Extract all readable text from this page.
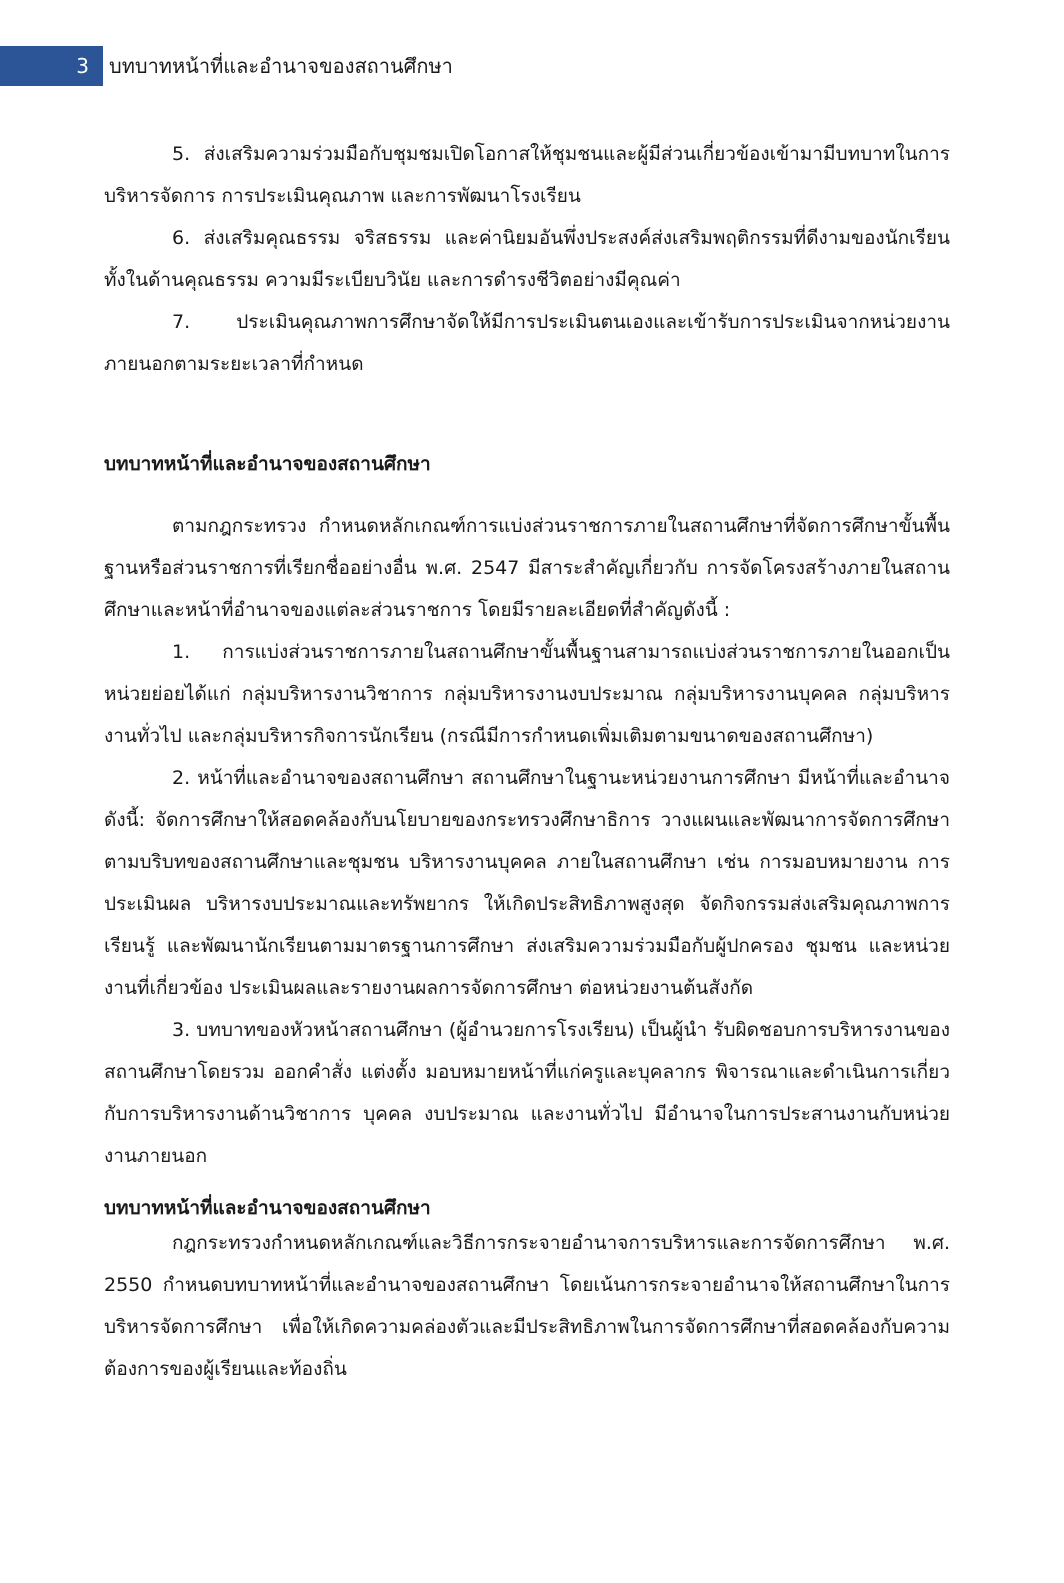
3	บทบาทหน้าที่และอำนาจของสถานศึกษา

5. ส่งเสริมความร่วมมือกับชุมชมเปิดโอกาสให้ชุมชนและผู้มีส่วนเกี่ยวข้องเข้ามามีบทบาทในการบริหารจัดการ การประเมินคุณภาพ และการพัฒนาโรงเรียน

6. ส่งเสริมคุณธรรม จริสธรรม และค่านิยมอันพึ่งประสงค์ส่งเสริมพฤติกรรมที่ดีงามของนักเรียน ทั้งในด้านคุณธรรม ความมีระเบียบวินัย และการดำรงชีวิตอย่างมีคุณค่า

7. ประเมินคุณภาพการศึกษาจัดให้มีการประเมินตนเองและเข้ารับการประเมินจากหน่วยงานภายนอกตามระยะเวลาที่กำหนด

บทบาทหน้าที่และอำนาจของสถานศึกษา

ตามกฎกระทรวง กำหนดหลักเกณฑ์การแบ่งส่วนราชการภายในสถานศึกษาที่จัดการศึกษาขั้นพื้นฐานหรือส่วนราชการที่เรียกชื่ออย่างอื่น พ.ศ. 2547 มีสาระสำคัญเกี่ยวกับ การจัดโครงสร้างภายในสถานศึกษาและหน้าที่อำนาจของแต่ละส่วนราชการ โดยมีรายละเอียดที่สำคัญดังนี้ :

1. การแบ่งส่วนราชการภายในสถานศึกษาขั้นพื้นฐานสามารถแบ่งส่วนราชการภายในออกเป็นหน่วยย่อยได้แก่ กลุ่มบริหารงานวิชาการ กลุ่มบริหารงานงบประมาณ กลุ่มบริหารงานบุคคล กลุ่มบริหารงานทั่วไป และกลุ่มบริหารกิจการนักเรียน (กรณีมีการกำหนดเพิ่มเติมตามขนาดของสถานศึกษา)

2. หน้าที่และอำนาจของสถานศึกษา สถานศึกษาในฐานะหน่วยงานการศึกษา มีหน้าที่และอำนาจ ดังนี้: จัดการศึกษาให้สอดคล้องกับนโยบายของกระทรวงศึกษาธิการ วางแผนและพัฒนาการจัดการศึกษาตามบริบทของสถานศึกษาและชุมชน บริหารงานบุคคล ภายในสถานศึกษา เช่น การมอบหมายงาน การประเมินผล บริหารงบประมาณและทรัพยากร ให้เกิดประสิทธิภาพสูงสุด จัดกิจกรรมส่งเสริมคุณภาพการเรียนรู้ และพัฒนานักเรียนตามมาตรฐานการศึกษา ส่งเสริมความร่วมมือกับผู้ปกครอง ชุมชน และหน่วยงานที่เกี่ยวข้อง ประเมินผลและรายงานผลการจัดการศึกษา ต่อหน่วยงานต้นสังกัด

3. บทบาทของหัวหน้าสถานศึกษา (ผู้อำนวยการโรงเรียน) เป็นผู้นำ รับผิดชอบการบริหารงานของสถานศึกษาโดยรวม ออกคำสั่ง แต่งตั้ง มอบหมายหน้าที่แก่ครูและบุคลากร พิจารณาและดำเนินการเกี่ยวกับการบริหารงานด้านวิชาการ บุคคล งบประมาณ และงานทั่วไป มีอำนาจในการประสานงานกับหน่วยงานภายนอก

บทบาทหน้าที่และอำนาจของสถานศึกษา

กฎกระทรวงกำหนดหลักเกณฑ์และวิธีการกระจายอำนาจการบริหารและการจัดการศึกษา พ.ศ. 2550 กำหนดบทบาทหน้าที่และอำนาจของสถานศึกษา โดยเน้นการกระจายอำนาจให้สถานศึกษาในการบริหารจัดการศึกษา เพื่อให้เกิดความคล่องตัวและมีประสิทธิภาพในการจัดการศึกษาที่สอดคล้องกับความต้องการของผู้เรียนและท้องถิ่น
